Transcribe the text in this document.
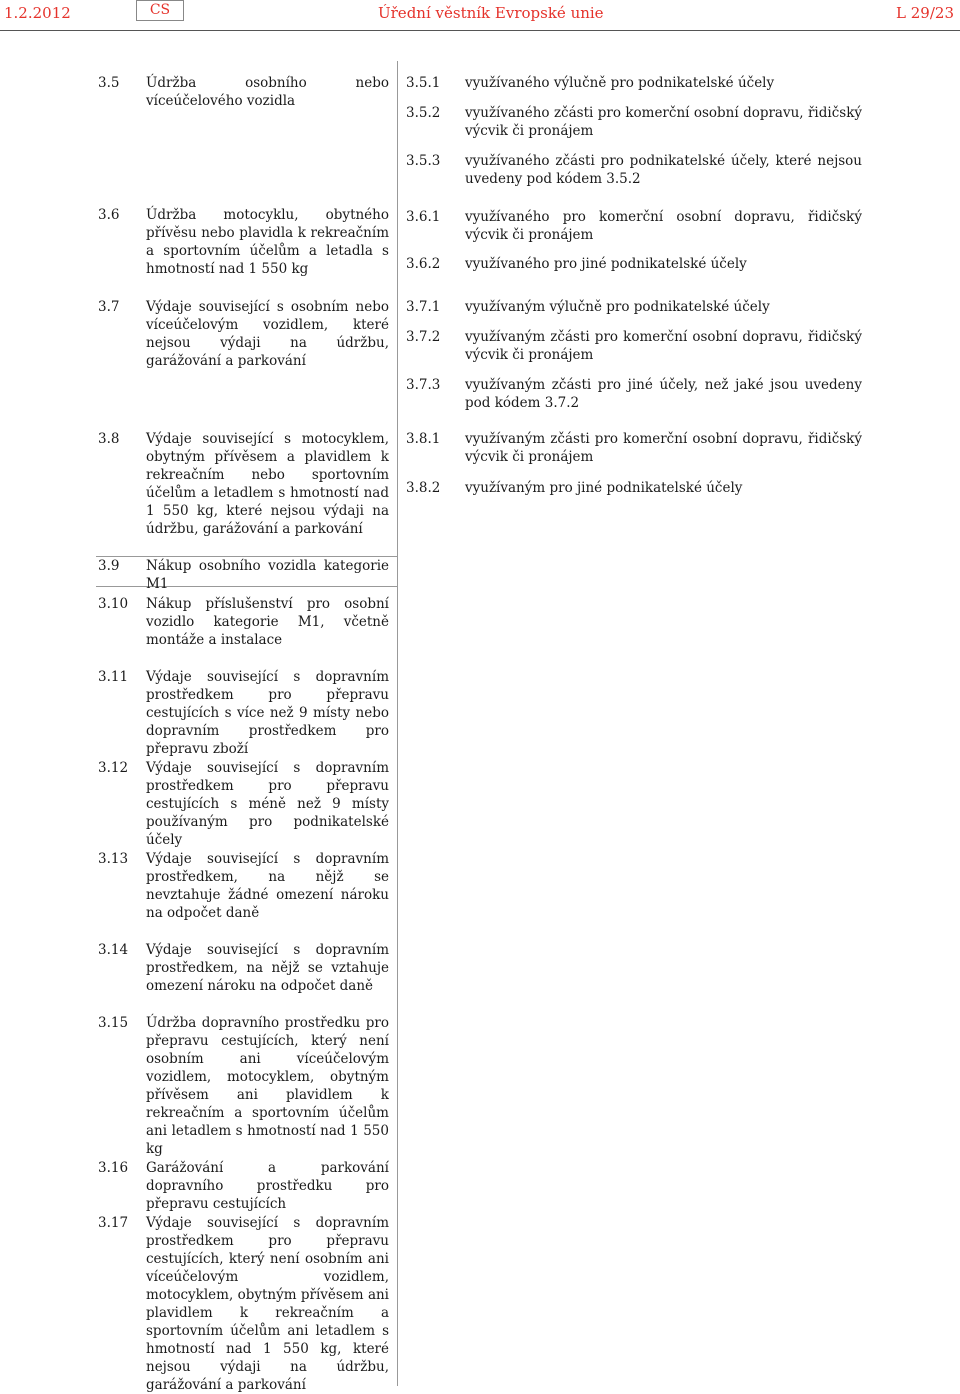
1.2.2012	CS	Úřední věstník Evropské unie	L 29/23
3.5	Údržba osobního nebo víceúčelového vozidla
3.6	Údržba motocyklu, obytného přívěsu nebo plavidla k rekreačním a sportovním účelům a letadla s hmotností nad 1 550 kg
3.7	Výdaje související s osobním nebo víceúčelovým vozidlem, které nejsou výdaji na údržbu, garážování a parkování
3.8	Výdaje související s motocyklem, obytným přívěsem a plavidlem k rekreačním nebo sportovním účelům a letadlem s hmotností nad 1 550 kg, které nejsou výdaji na údržbu, garážování a parkování
3.9	Nákup osobního vozidla kategorie M1
3.10	Nákup příslušenství pro osobní vozidlo kategorie M1, včetně montáže a instalace
3.11	Výdaje související s dopravním prostředkem pro přepravu cestujících s více než 9 místy nebo dopravním prostředkem pro přepravu zboží
3.12	Výdaje související s dopravním prostředkem pro přepravu cestujících s méně než 9 místy používaným pro podnikatelské účely
3.13	Výdaje související s dopravním prostředkem, na nějž se nevztahuje žádné omezení nároku na odpočet daně
3.14	Výdaje související s dopravním prostředkem, na nějž se vztahuje omezení nároku na odpočet daně
3.15	Údržba dopravního prostředku pro přepravu cestujících, který není osobním ani víceúčelovým vozidlem, motocyklem, obytným přívěsem ani plavidlem k rekreačním a sportovním účelům ani letadlem s hmotností nad 1 550 kg
3.16	Garážování a parkování dopravního prostředku pro přepravu cestujících
3.17	Výdaje související s dopravním prostředkem pro přepravu cestujících, který není osobním ani víceúčelovým vozidlem, motocyklem, obytným přívěsem ani plavidlem k rekreačním a sportovním účelům ani letadlem s hmotností nad 1 550 kg, které nejsou výdaji na údržbu, garážování a parkování
3.5.1	využívaného výlučně pro podnikatelské účely
3.5.2	využívaného zčásti pro komerční osobní dopravu, řidičský výcvik či pronájem
3.5.3	využívaného zčásti pro podnikatelské účely, které nejsou uvedeny pod kódem 3.5.2
3.6.1	využívaného pro komerční osobní dopravu, řidičský výcvik či pronájem
3.6.2	využívaného pro jiné podnikatelské účely
3.7.1	využívaným výlučně pro podnikatelské účely
3.7.2	využívaným zčásti pro komerční osobní dopravu, řidičský výcvik či pronájem
3.7.3	využívaným zčásti pro jiné účely, než jaké jsou uvedeny pod kódem 3.7.2
3.8.1	využívaným zčásti pro komerční osobní dopravu, řidičský výcvik či pronájem
3.8.2	využívaným pro jiné podnikatelské účely
